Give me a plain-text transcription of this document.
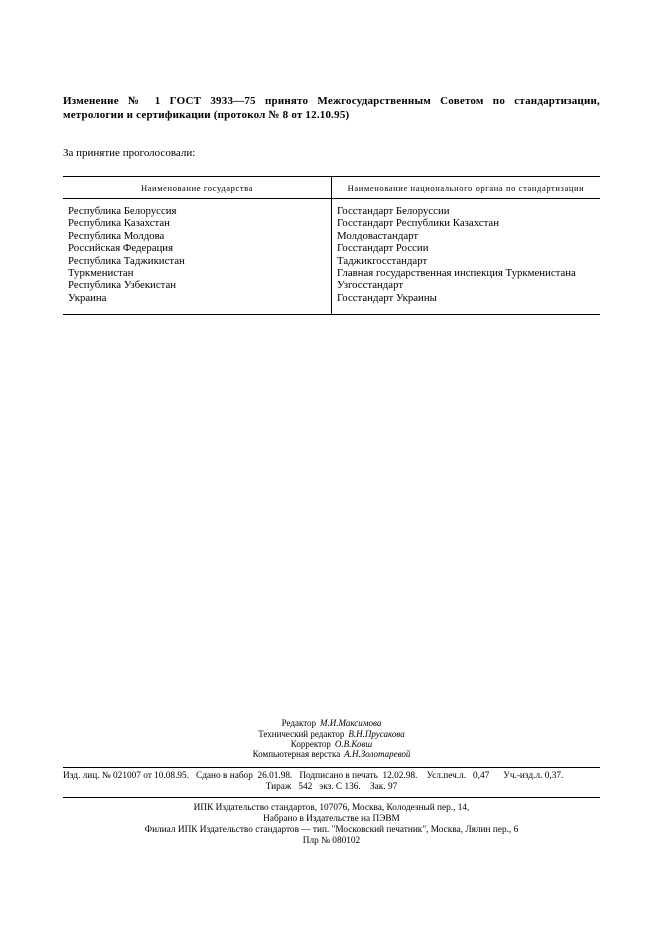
Изменение № 1 ГОСТ 3933—75 принято Межгосударственным Советом по стандартизации, метрологии и сертификации (протокол № 8 от 12.10.95)

За принятие проголосовали:

Наименование государства	Наименование национального органа по стандартизации
Республика Белоруссия	Госстандарт Белоруссии
Республика Казахстан	Госстандарт Республики Казахстан
Республика Молдова	Молдовастандарт
Российская Федерация	Госстандарт России
Республика Таджикистан	Таджикгосстандарт
Туркменистан	Главная государственная инспекция Туркменистана
Республика Узбекистан	Узгосстандарт
Украина	Госстандарт Украины
Редактор М.И.Максимова
Технический редактор В.Н.Прусакова
Корректор О.В.Ковш
Компьютерная верстка А.Н.Золотаревой

Изд. лиц. № 021007 от 10.08.95.   Сдано в набор  26.01.98.   Подписано в печать  12.02.98.    Усл.печ.л.   0,47      Уч.-изд.л. 0,37.

Тираж   542   экз. С 136.    Зак. 97

ИПК Издательство стандартов, 107076, Москва, Колодезный пер., 14,
Набрано в Издательстве на ПЭВМ
Филиал ИПК Издательство стандартов — тип. "Московский печатник", Москва, Лялин пер., 6
Плр № 080102
